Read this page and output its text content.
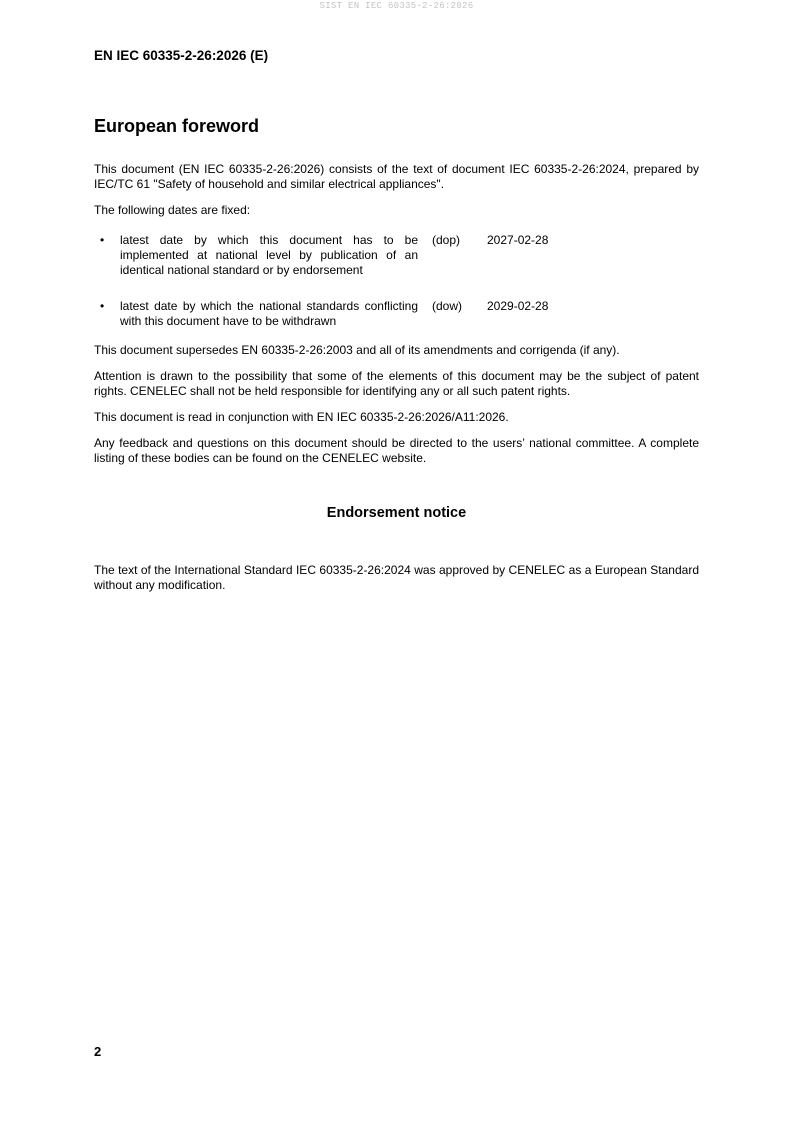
SIST EN IEC 60335-2-26:2026
EN IEC 60335-2-26:2026 (E)
European foreword

This document (EN IEC 60335-2-26:2026) consists of the text of document IEC 60335-2-26:2024, prepared by IEC/TC 61 "Safety of household and similar electrical appliances".

The following dates are fixed:

• latest date by which this document has to be implemented at national level by publication of an identical national standard or by endorsement
(dop) 2027-02-28
• latest date by which the national standards conflicting with this document have to be withdrawn
(dow) 2029-02-28

This document supersedes EN 60335-2-26:2003 and all of its amendments and corrigenda (if any).

Attention is drawn to the possibility that some of the elements of this document may be the subject of patent rights. CENELEC shall not be held responsible for identifying any or all such patent rights.

This document is read in conjunction with EN IEC 60335-2-26:2026/A11:2026.

Any feedback and questions on this document should be directed to the users’ national committee. A complete listing of these bodies can be found on the CENELEC website.

Endorsement notice

The text of the International Standard IEC 60335-2-26:2024 was approved by CENELEC as a European Standard without any modification.

2
